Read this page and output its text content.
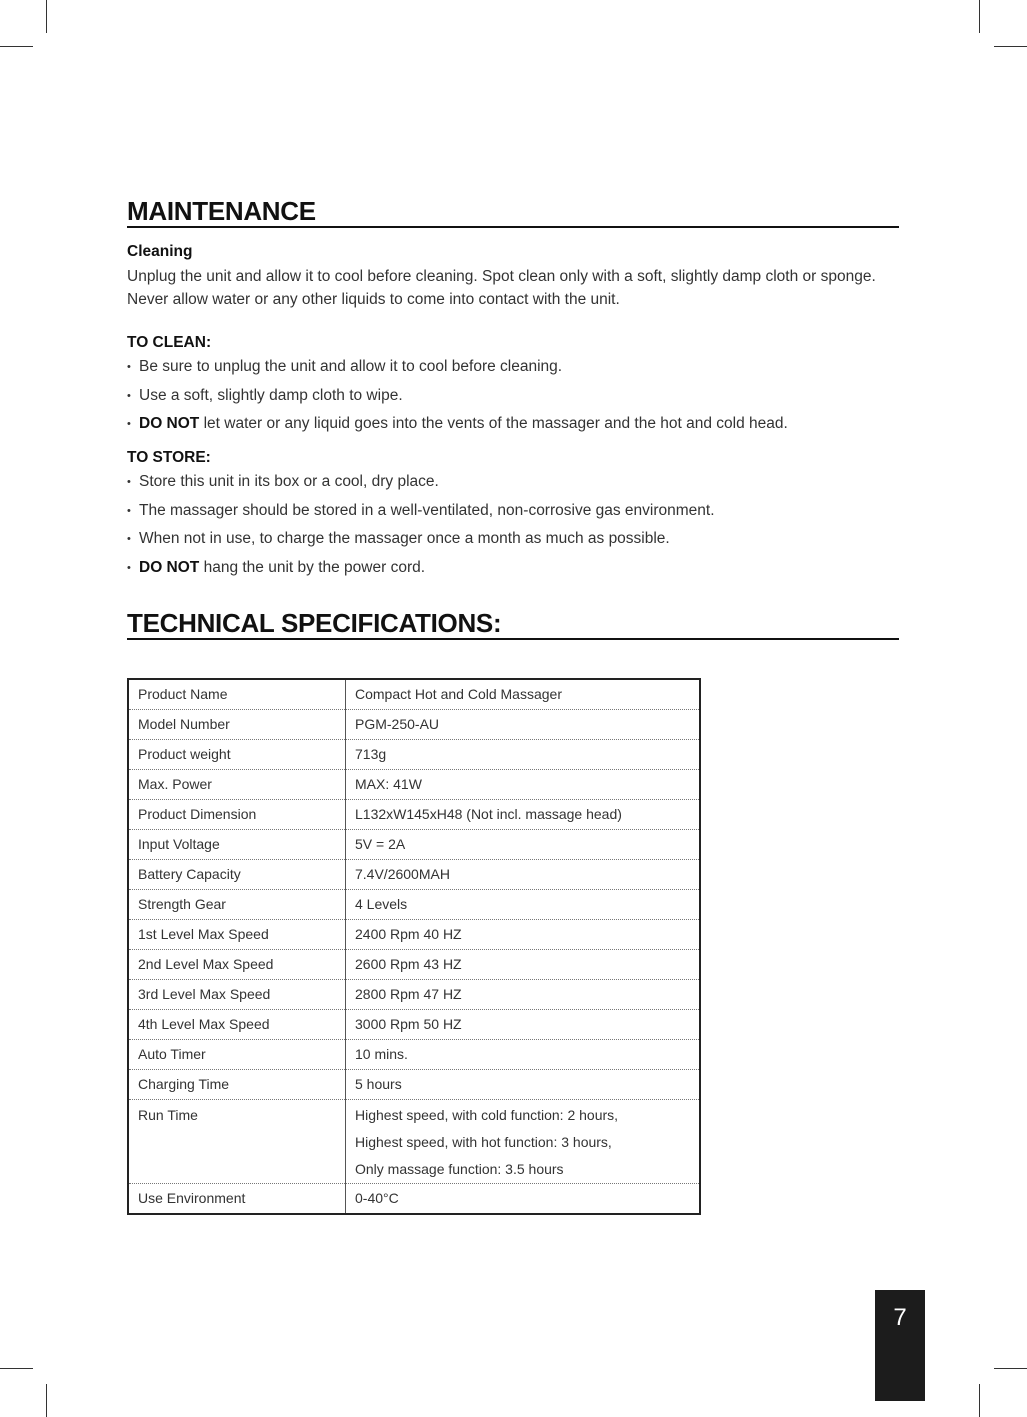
MAINTENANCE
Cleaning

Unplug the unit and allow it to cool before cleaning. Spot clean only with a soft, slightly damp cloth or sponge. Never allow water or any other liquids to come into contact with the unit.

TO CLEAN:
• Be sure to unplug the unit and allow it to cool before cleaning.
• Use a soft, slightly damp cloth to wipe.
• DO NOT let water or any liquid goes into the vents of the massager and the hot and cold head.
TO STORE:
• Store this unit in its box or a cool, dry place.
• The massager should be stored in a well-ventilated, non-corrosive gas environment.
• When not in use, to charge the massager once a month as much as possible.
• DO NOT hang the unit by the power cord.
TECHNICAL SPECIFICATIONS:
Product Name	Compact Hot and Cold Massager

Model Number	PGM-250-AU

Product weight	713g

Max. Power	MAX: 41W

Product Dimension	L132xW145xH48 (Not incl. massage head)

Input Voltage	5V = 2A

Battery Capacity	7.4V/2600MAH

Strength Gear	4 Levels

1st Level Max Speed	2400 Rpm 40 HZ

2nd Level Max Speed	2600 Rpm 43 HZ

3rd Level Max Speed	2800 Rpm 47 HZ

4th Level Max Speed	3000 Rpm 50 HZ

Auto Timer	10 mins.

Charging Time	5 hours

Run Time	Highest speed, with cold function: 2 hours,
Highest speed, with hot function: 3 hours,
Only massage function: 3.5 hours

Use Environment	0-40°C
7
